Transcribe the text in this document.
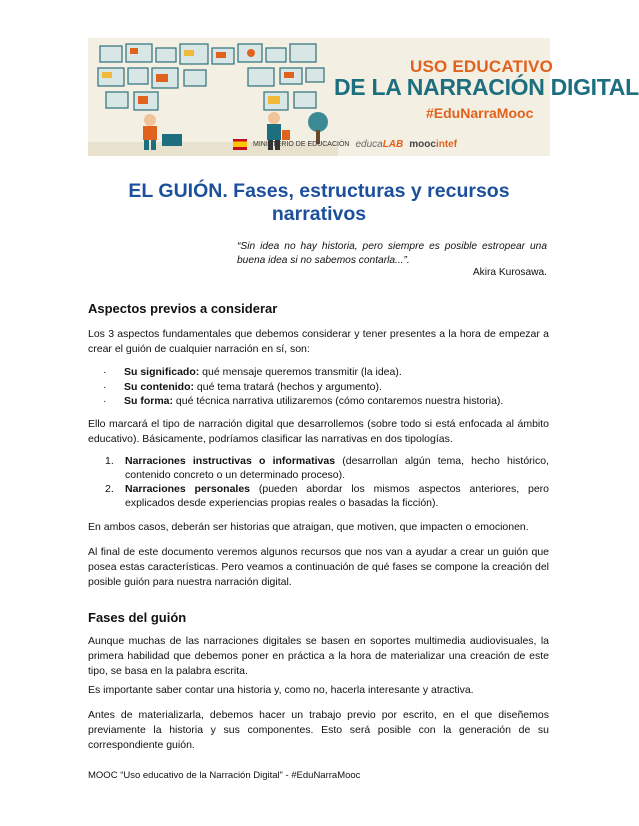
USO EDUCATIVO
DE LA NARRACIÓN DIGITAL
#EduNarraMooc
MINISTERIO DE EDUCACIÓN educaLAB moocintef
EL GUIÓN. Fases, estructuras y recursos narrativos
“Sin idea no hay historia, pero siempre es posible estropear una buena idea si no sabemos contarla...”.
Akira Kurosawa.
Aspectos previos a considerar
Los 3 aspectos fundamentales que debemos considerar y tener presentes a la hora de empezar a crear el guión de cualquier narración en sí, son:
· Su significado: qué mensaje queremos transmitir (la idea).
· Su contenido: qué tema tratará (hechos y argumento).
· Su forma: qué técnica narrativa utilizaremos (cómo contaremos nuestra historia).
Ello marcará el tipo de narración digital que desarrollemos (sobre todo si está enfocada al ámbito educativo). Básicamente, podríamos clasificar las narrativas en dos tipologías.
1.	Narraciones instructivas o informativas (desarrollan algún tema, hecho histórico, contenido concreto o un determinado proceso).
2.	Narraciones personales (pueden abordar los mismos aspectos anteriores, pero explicados desde experiencias propias reales o basadas la ficción).
En ambos casos, deberán ser historias que atraigan, que motiven, que impacten o emocionen.
Al final de este documento veremos algunos recursos que nos van a ayudar a crear un guión que posea estas características. Pero veamos a continuación de qué fases se compone la creación del posible guión para nuestra narración digital.
Fases del guión
Aunque muchas de las narraciones digitales se basen en soportes multimedia audiovisuales, la primera habilidad que debemos poner en práctica a la hora de materializar una creación de este tipo, se basa en la palabra escrita.
Es importante saber contar una historia y, como no, hacerla interesante y atractiva.
Antes de materializarla, debemos hacer un trabajo previo por escrito, en el que diseñemos previamente la historia y sus componentes. Esto será posible con la generación de su correspondiente guión.
MOOC “Uso educativo de la Narración Digital” - #EduNarraMooc
